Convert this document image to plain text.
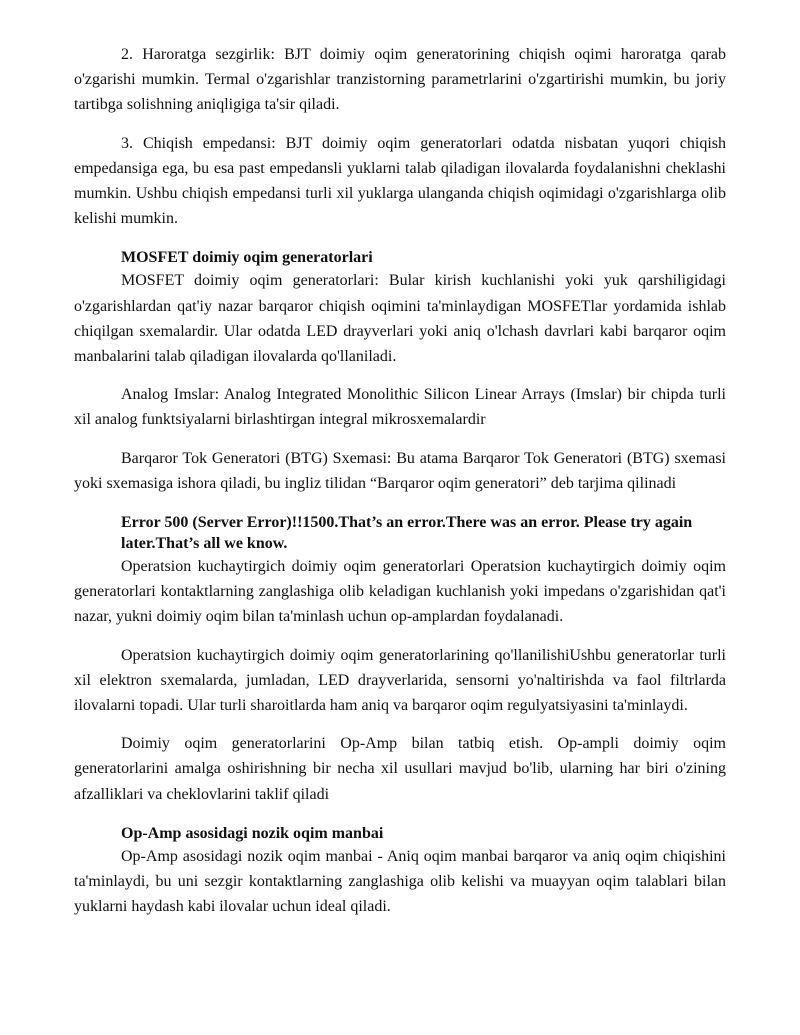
2. Haroratga sezgirlik: BJT doimiy oqim generatorining chiqish oqimi haroratga qarab o'zgarishi mumkin. Termal o'zgarishlar tranzistorning parametrlarini o'zgartirishi mumkin, bu joriy tartibga solishning aniqligiga ta'sir qiladi.

3. Chiqish empedansi: BJT doimiy oqim generatorlari odatda nisbatan yuqori chiqish empedansiga ega, bu esa past empedansli yuklarni talab qiladigan ilovalarda foydalanishni cheklashi mumkin. Ushbu chiqish empedansi turli xil yuklarga ulanganda chiqish oqimidagi o'zgarishlarga olib kelishi mumkin.

MOSFET doimiy oqim generatorlari

MOSFET doimiy oqim generatorlari: Bular kirish kuchlanishi yoki yuk qarshiligidagi o'zgarishlardan qat'iy nazar barqaror chiqish oqimini ta'minlaydigan MOSFETlar yordamida ishlab chiqilgan sxemalardir. Ular odatda LED drayverlari yoki aniq o'lchash davrlari kabi barqaror oqim manbalarini talab qiladigan ilovalarda qo'llaniladi.

Analog Imslar: Analog Integrated Monolithic Silicon Linear Arrays (Imslar) bir chipda turli xil analog funktsiyalarni birlashtirgan integral mikrosxemalardir

Barqaror Tok Generatori (BTG) Sxemasi: Bu atama Barqaror Tok Generatori (BTG) sxemasi yoki sxemasiga ishora qiladi, bu ingliz tilidan “Barqaror oqim generatori” deb tarjima qilinadi

Error 500 (Server Error)!!1500.That’s an error.There was an error. Please try again later.That’s all we know.

Operatsion kuchaytirgich doimiy oqim generatorlari Operatsion kuchaytirgich doimiy oqim generatorlari kontaktlarning zanglashiga olib keladigan kuchlanish yoki impedans o'zgarishidan qat'i nazar, yukni doimiy oqim bilan ta'minlash uchun op-amplardan foydalanadi.

Operatsion kuchaytirgich doimiy oqim generatorlarining qo'llanilishiUshbu generatorlar turli xil elektron sxemalarda, jumladan, LED drayverlarida, sensorni yo'naltirishda va faol filtrlarda ilovalarni topadi. Ular turli sharoitlarda ham aniq va barqaror oqim regulyatsiyasini ta'minlaydi.

Doimiy oqim generatorlarini Op-Amp bilan tatbiq etish. Op-ampli doimiy oqim generatorlarini amalga oshirishning bir necha xil usullari mavjud bo'lib, ularning har biri o'zining afzalliklari va cheklovlarini taklif qiladi

Op-Amp asosidagi nozik oqim manbai

Op-Amp asosidagi nozik oqim manbai - Aniq oqim manbai barqaror va aniq oqim chiqishini ta'minlaydi, bu uni sezgir kontaktlarning zanglashiga olib kelishi va muayyan oqim talablari bilan yuklarni haydash kabi ilovalar uchun ideal qiladi.
